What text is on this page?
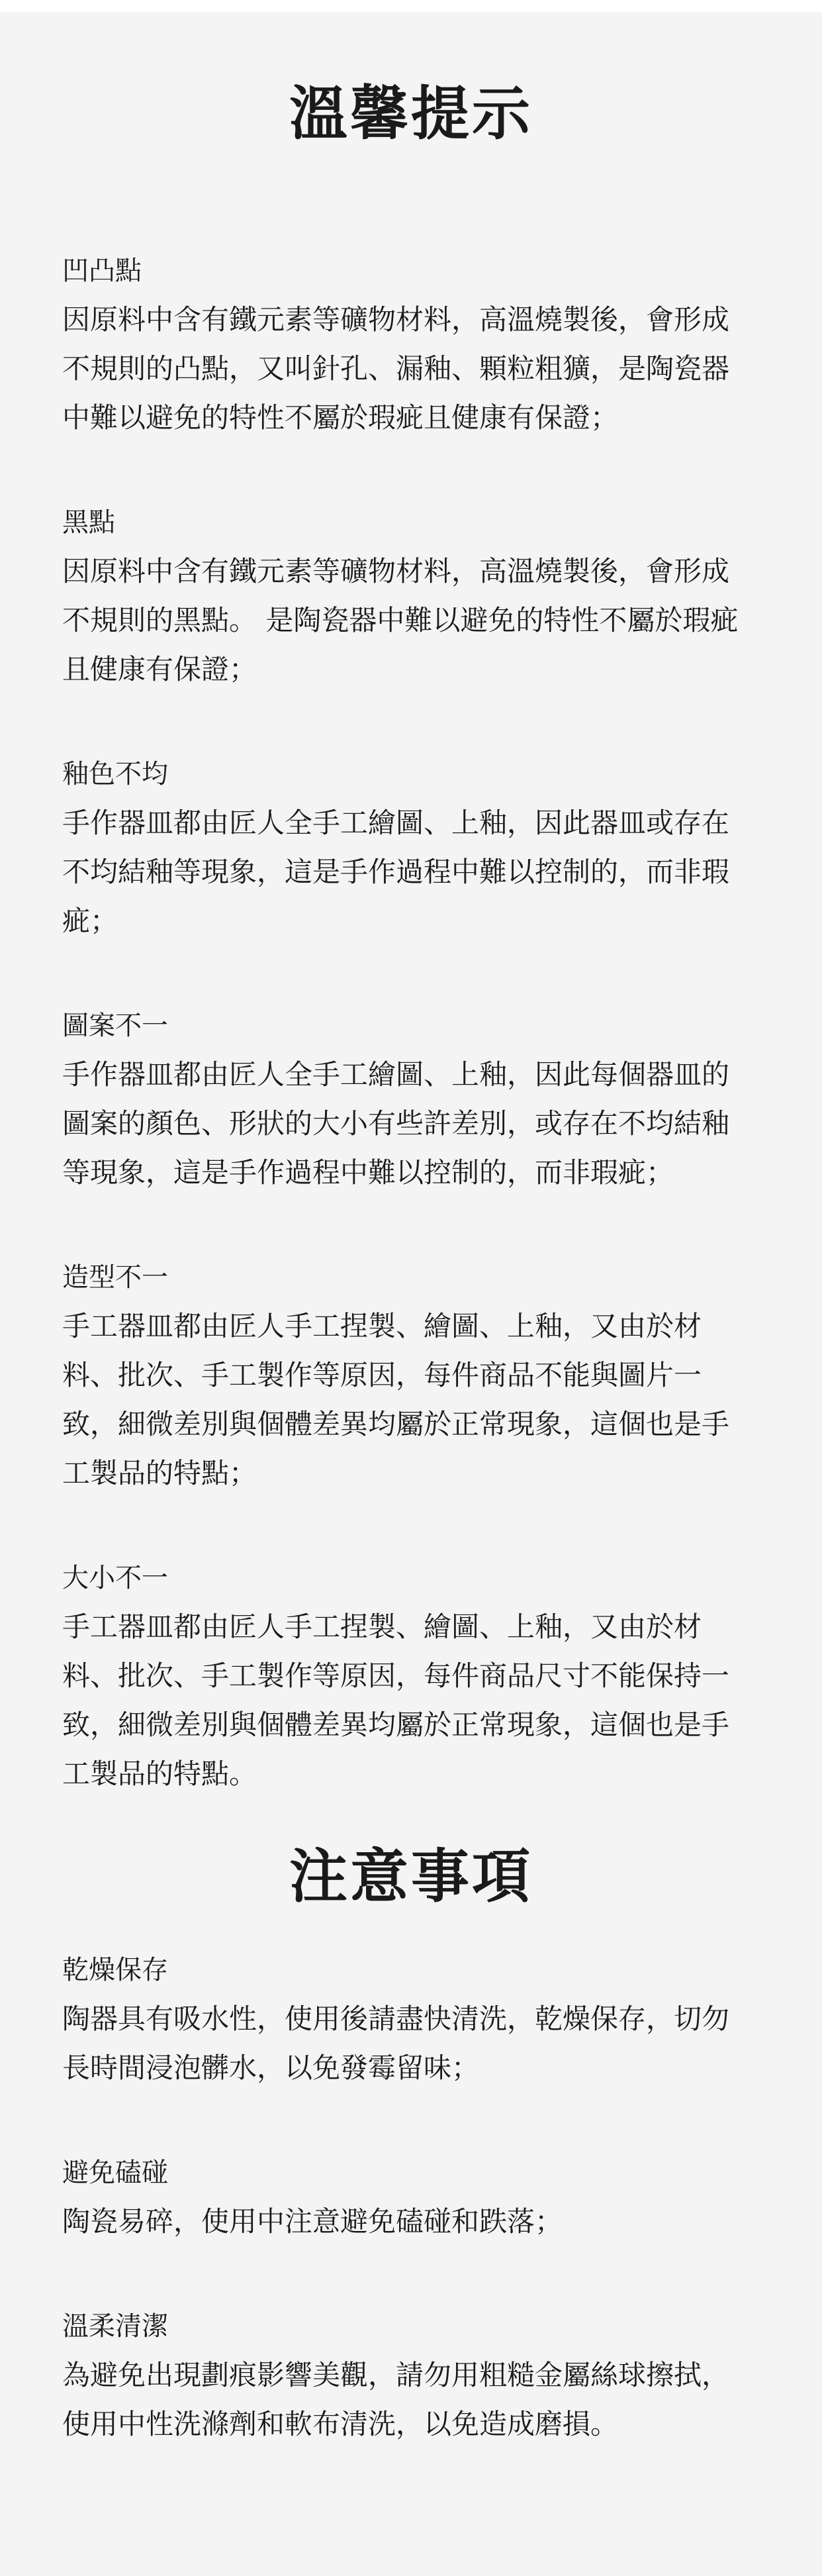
溫馨提示

凹凸點

因原料中含有鐵元素等礦物材料，高溫燒製後，會形成不規則的凸點，又叫針孔、漏釉、顆粒粗獷，是陶瓷器中難以避免的特性不屬於瑕疵且健康有保證；

黑點

因原料中含有鐵元素等礦物材料，高溫燒製後，會形成不規則的黑點。 是陶瓷器中難以避免的特性不屬於瑕疵且健康有保證；

釉色不均

手作器皿都由匠人全手工繪圖、上釉，因此器皿或存在不均結釉等現象，這是手作過程中難以控制的，而非瑕疵；

圖案不一

手作器皿都由匠人全手工繪圖、上釉，因此每個器皿的圖案的顏色、形狀的大小有些許差別，或存在不均結釉等現象，這是手作過程中難以控制的，而非瑕疵；

造型不一

手工器皿都由匠人手工捏製、繪圖、上釉，又由於材料、批次、手工製作等原因，每件商品不能與圖片一致，細微差別與個體差異均屬於正常現象，這個也是手工製品的特點；

大小不一

手工器皿都由匠人手工捏製、繪圖、上釉，又由於材料、批次、手工製作等原因，每件商品尺寸不能保持一致，細微差別與個體差異均屬於正常現象，這個也是手工製品的特點。

注意事項

乾燥保存

陶器具有吸水性，使用後請盡快清洗，乾燥保存，切勿長時間浸泡髒水，以免發霉留味；

避免磕碰

陶瓷易碎，使用中注意避免磕碰和跌落；

溫柔清潔

為避免出現劃痕影響美觀，請勿用粗糙金屬絲球擦拭，使用中性洗滌劑和軟布清洗，以免造成磨損。
